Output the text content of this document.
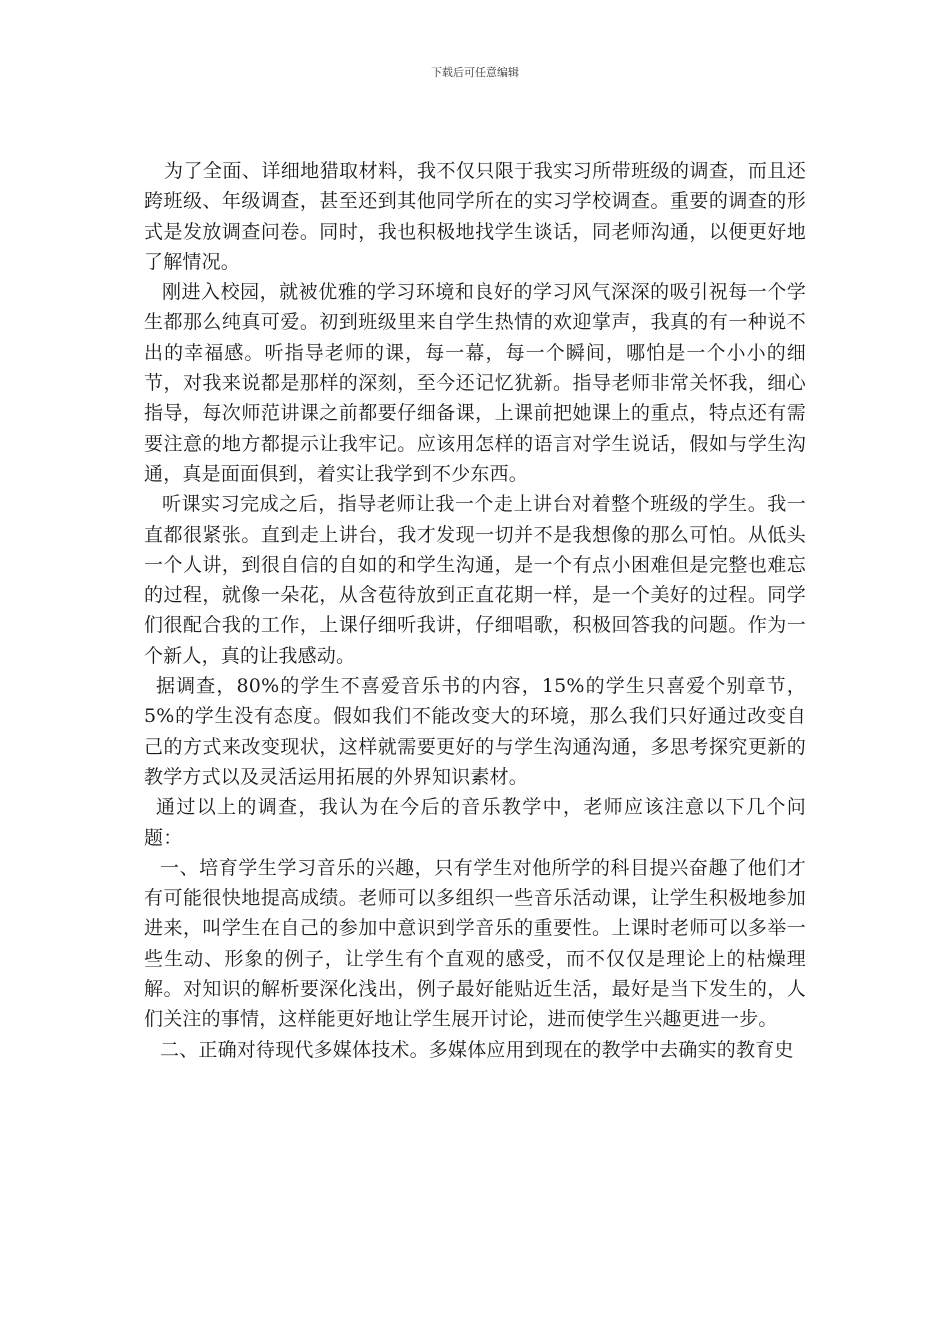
下载后可任意编辑

为了全面、详细地猎取材料，我不仅只限于我实习所带班级的调查，而且还跨班级、年级调查，甚至还到其他同学所在的实习学校调查。重要的调查的形式是发放调查问卷。同时，我也积极地找学生谈话，同老师沟通，以便更好地了解情况。

刚进入校园，就被优雅的学习环境和良好的学习风气深深的吸引祝每一个学生都那么纯真可爱。初到班级里来自学生热情的欢迎掌声，我真的有一种说不出的幸福感。听指导老师的课，每一幕，每一个瞬间，哪怕是一个小小的细节，对我来说都是那样的深刻，至今还记忆犹新。指导老师非常关怀我，细心指导，每次师范讲课之前都要仔细备课，上课前把她课上的重点，特点还有需要注意的地方都提示让我牢记。应该用怎样的语言对学生说话，假如与学生沟通，真是面面俱到，着实让我学到不少东西。

听课实习完成之后，指导老师让我一个走上讲台对着整个班级的学生。我一直都很紧张。直到走上讲台，我才发现一切并不是我想像的那么可怕。从低头一个人讲，到很自信的自如的和学生沟通，是一个有点小困难但是完整也难忘的过程，就像一朵花，从含苞待放到正直花期一样，是一个美好的过程。同学们很配合我的工作，上课仔细听我讲，仔细唱歌，积极回答我的问题。作为一个新人，真的让我感动。

据调查，80%的学生不喜爱音乐书的内容，15%的学生只喜爱个别章节，5%的学生没有态度。假如我们不能改变大的环境，那么我们只好通过改变自己的方式来改变现状，这样就需要更好的与学生沟通沟通，多思考探究更新的教学方式以及灵活运用拓展的外界知识素材。

通过以上的调查，我认为在今后的音乐教学中，老师应该注意以下几个问题：

一、培育学生学习音乐的兴趣，只有学生对他所学的科目提兴奋趣了他们才有可能很快地提高成绩。老师可以多组织一些音乐活动课，让学生积极地参加进来，叫学生在自己的参加中意识到学音乐的重要性。上课时老师可以多举一些生动、形象的例子，让学生有个直观的感受，而不仅仅是理论上的枯燥理解。对知识的解析要深化浅出，例子最好能贴近生活，最好是当下发生的，人们关注的事情，这样能更好地让学生展开讨论，进而使学生兴趣更进一步。

二、正确对待现代多媒体技术。多媒体应用到现在的教学中去确实的教育史
